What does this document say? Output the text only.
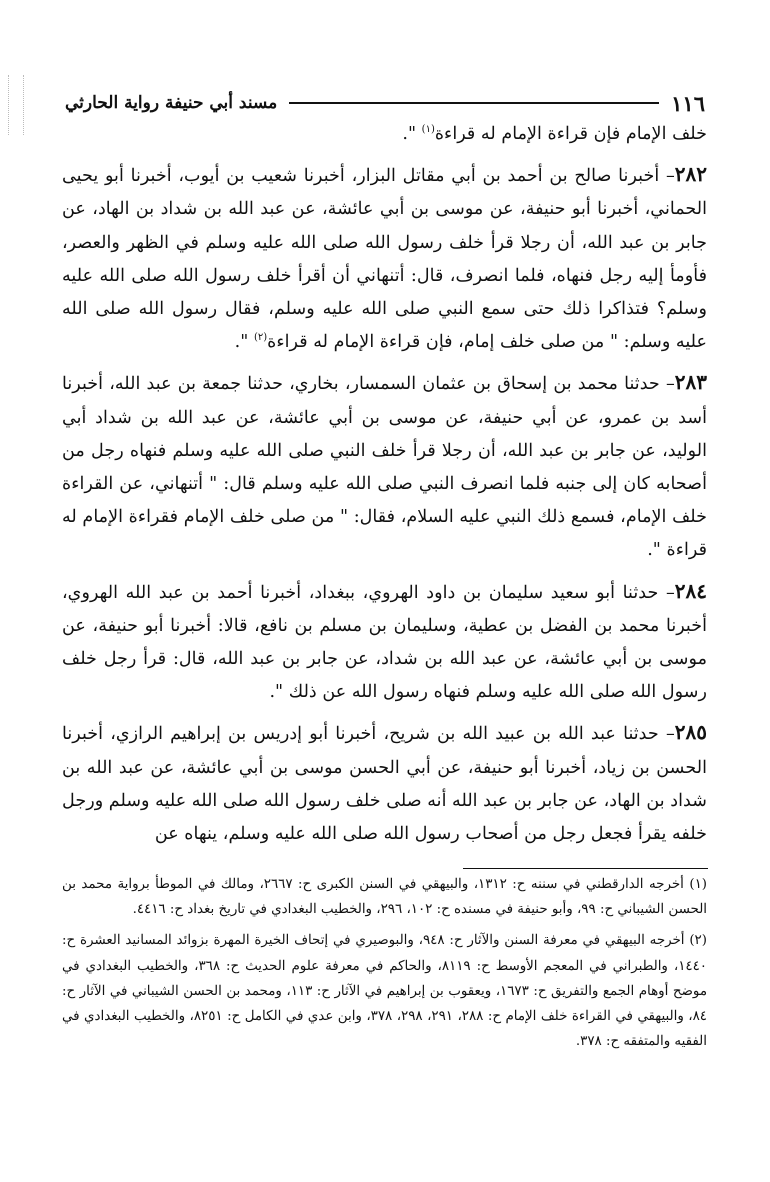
١١٦
مسند أبي حنيفة رواية الحارثي

خلف الإمام فإن قراءة الإمام له قراءة$^{(١)}$ ".

٢٨٢– أخبرنا صالح بن أحمد بن أبي مقاتل البزار، أخبرنا شعيب بن أيوب، أخبرنا أبو يحيى الحماني، أخبرنا أبو حنيفة، عن موسى بن أبي عائشة، عن عبد الله بن شداد بن الهاد، عن جابر بن عبد الله، أن رجلا قرأ خلف رسول الله صلى الله عليه وسلم في الظهر والعصر، فأومأ إليه رجل فنهاه، فلما انصرف، قال: أتنهاني أن أقرأ خلف رسول الله صلى الله عليه وسلم؟ فتذاكرا ذلك حتى سمع النبي صلى الله عليه وسلم، فقال رسول الله صلى الله عليه وسلم: " من صلى خلف إمام، فإن قراءة الإمام له قراءة$^{(٢)}$ ".

٢٨٣– حدثنا محمد بن إسحاق بن عثمان السمسار، بخاري، حدثنا جمعة بن عبد الله، أخبرنا أسد بن عمرو، عن أبي حنيفة، عن موسى بن أبي عائشة، عن عبد الله بن شداد أبي الوليد، عن جابر بن عبد الله، أن رجلا قرأ خلف النبي صلى الله عليه وسلم فنهاه رجل من أصحابه كان إلى جنبه فلما انصرف النبي صلى الله عليه وسلم قال: " أتنهاني، عن القراءة خلف الإمام، فسمع ذلك النبي عليه السلام، فقال: " من صلى خلف الإمام فقراءة الإمام له قراءة ".

٢٨٤– حدثنا أبو سعيد سليمان بن داود الهروي، ببغداد، أخبرنا أحمد بن عبد الله الهروي، أخبرنا محمد بن الفضل بن عطية، وسليمان بن مسلم بن نافع، قالا: أخبرنا أبو حنيفة، عن موسى بن أبي عائشة، عن عبد الله بن شداد، عن جابر بن عبد الله، قال: قرأ رجل خلف رسول الله صلى الله عليه وسلم فنهاه رسول الله عن ذلك ".

٢٨٥– حدثنا عبد الله بن عبيد الله بن شريح، أخبرنا أبو إدريس بن إبراهيم الرازي، أخبرنا الحسن بن زياد، أخبرنا أبو حنيفة، عن أبي الحسن موسى بن أبي عائشة، عن عبد الله بن شداد بن الهاد، عن جابر بن عبد الله أنه صلى خلف رسول الله صلى الله عليه وسلم ورجل خلفه يقرأ فجعل رجل من أصحاب رسول الله صلى الله عليه وسلم، ينهاه عن

(١) أخرجه الدارقطني في سننه ح: ١٣١٢، والبيهقي في السنن الكبرى ح: ٢٦٦٧، ومالك في الموطأ برواية محمد بن الحسن الشيباني ح: ٩٩، وأبو حنيفة في مسنده ح: ١٠٢، ٢٩٦، والخطيب البغدادي في تاريخ بغداد ح: ٤٤١٦.

(٢) أخرجه البيهقي في معرفة السنن والآثار ح: ٩٤٨، والبوصيري في إتحاف الخيرة المهرة بزوائد المسانيد العشرة ح: ١٤٤٠، والطبراني في المعجم الأوسط ح: ٨١١٩، والحاكم في معرفة علوم الحديث ح: ٣٦٨، والخطيب البغدادي في موضح أوهام الجمع والتفريق ح: ١٦٧٣، ويعقوب بن إبراهيم في الآثار ح: ١١٣، ومحمد بن الحسن الشيباني في الآثار ح: ٨٤، والبيهقي في القراءة خلف الإمام ح: ٢٨٨، ٢٩١، ٢٩٨، ٣٧٨، وابن عدي في الكامل ح: ٨٢٥١، والخطيب البغدادي في الفقيه والمتفقه ح: ٣٧٨.
